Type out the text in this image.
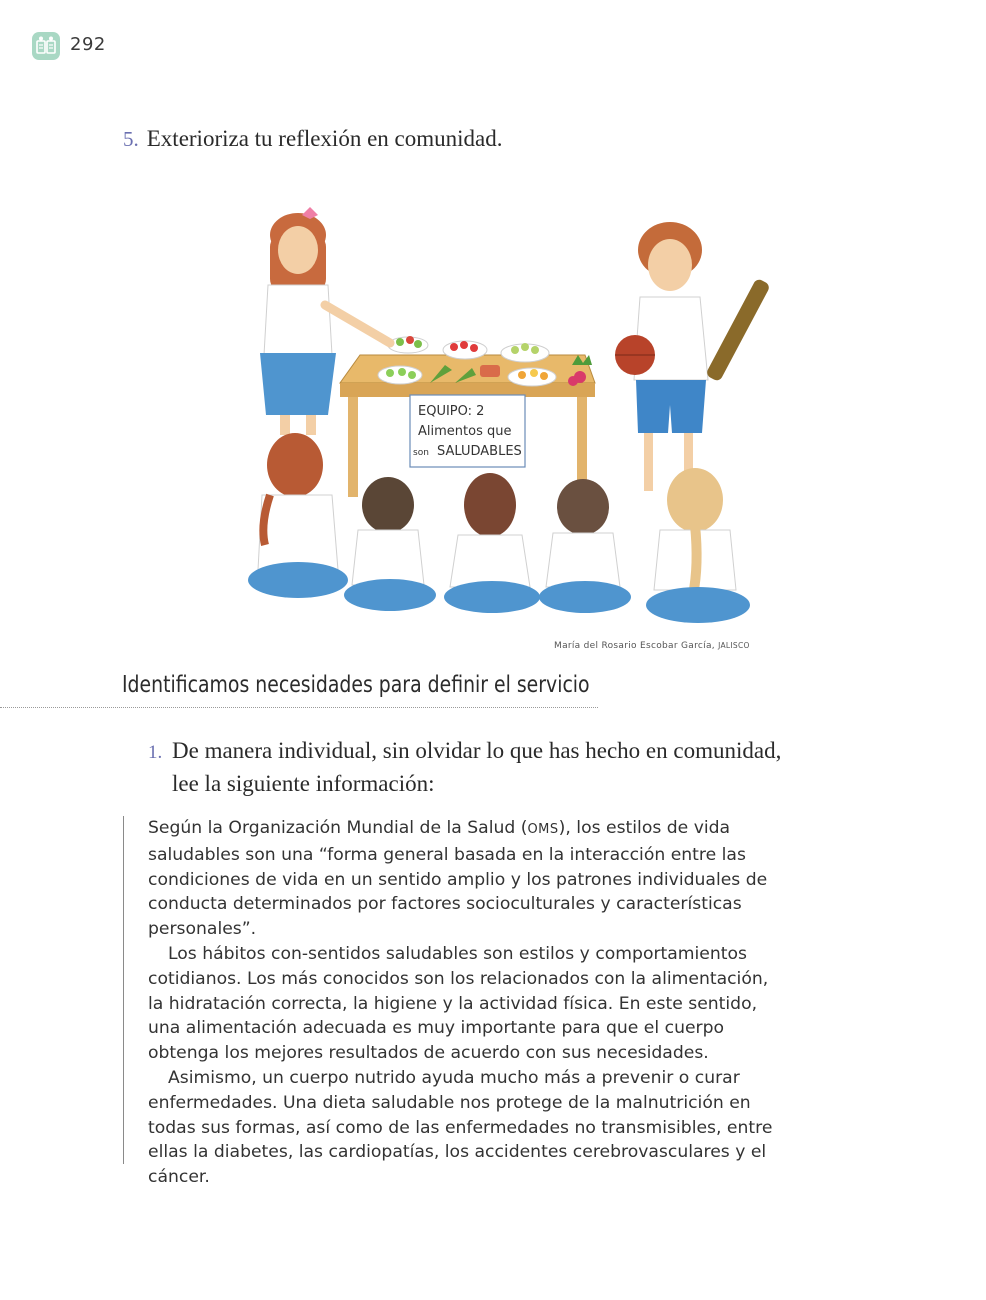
292
5. Exterioriza tu reflexión en comunidad.
EQUIPO: 2
Alimentos que
son SALUDABLES
María del Rosario Escobar García, JALISCO
Identificamos necesidades para definir el servicio
1. De manera individual, sin olvidar lo que has hecho en comunidad,
lee la siguiente información:

Según la Organización Mundial de la Salud (OMS), los estilos de vida saludables son una “forma general basada en la interacción entre las condiciones de vida en un sentido amplio y los patrones individuales de conducta determinados por factores socioculturales y características personales”.

Los hábitos con-sentidos saludables son estilos y comportamientos cotidianos. Los más conocidos son los relacionados con la alimentación, la hidratación correcta, la higiene y la actividad física. En este sentido, una alimentación adecuada es muy importante para que el cuerpo obtenga los mejores resultados de acuerdo con sus necesidades.

Asimismo, un cuerpo nutrido ayuda mucho más a prevenir o curar enfermedades. Una dieta saludable nos protege de la malnutrición en todas sus formas, así como de las enfermedades no transmisibles, entre ellas la diabetes, las cardiopatías, los accidentes cerebrovasculares y el cáncer.
